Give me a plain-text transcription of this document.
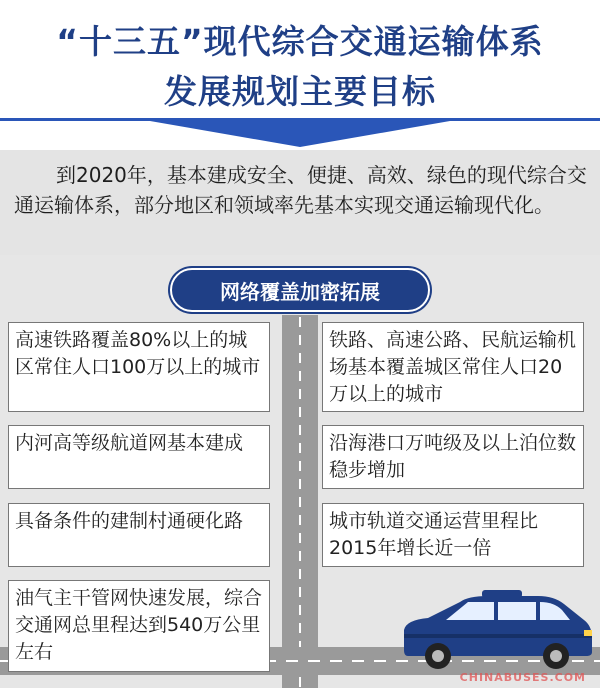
“十三五”现代综合交通运输体系
发展规划主要目标
到2020年，基本建成安全、便捷、高效、绿色的现代综合交通运输体系，部分地区和领域率先基本实现交通运输现代化。
网络覆盖加密拓展
高速铁路覆盖80%以上的城区常住人口100万以上的城市
铁路、高速公路、民航运输机场基本覆盖城区常住人口20万以上的城市
内河高等级航道网基本建成	沿海港口万吨级及以上泊位数稳步增加
具备条件的建制村通硬化路	城市轨道交通运营里程比2015年增长近一倍
油气主干管网快速发展，综合交通网总里程达到540万公里左右
CHINABUSES.COM
